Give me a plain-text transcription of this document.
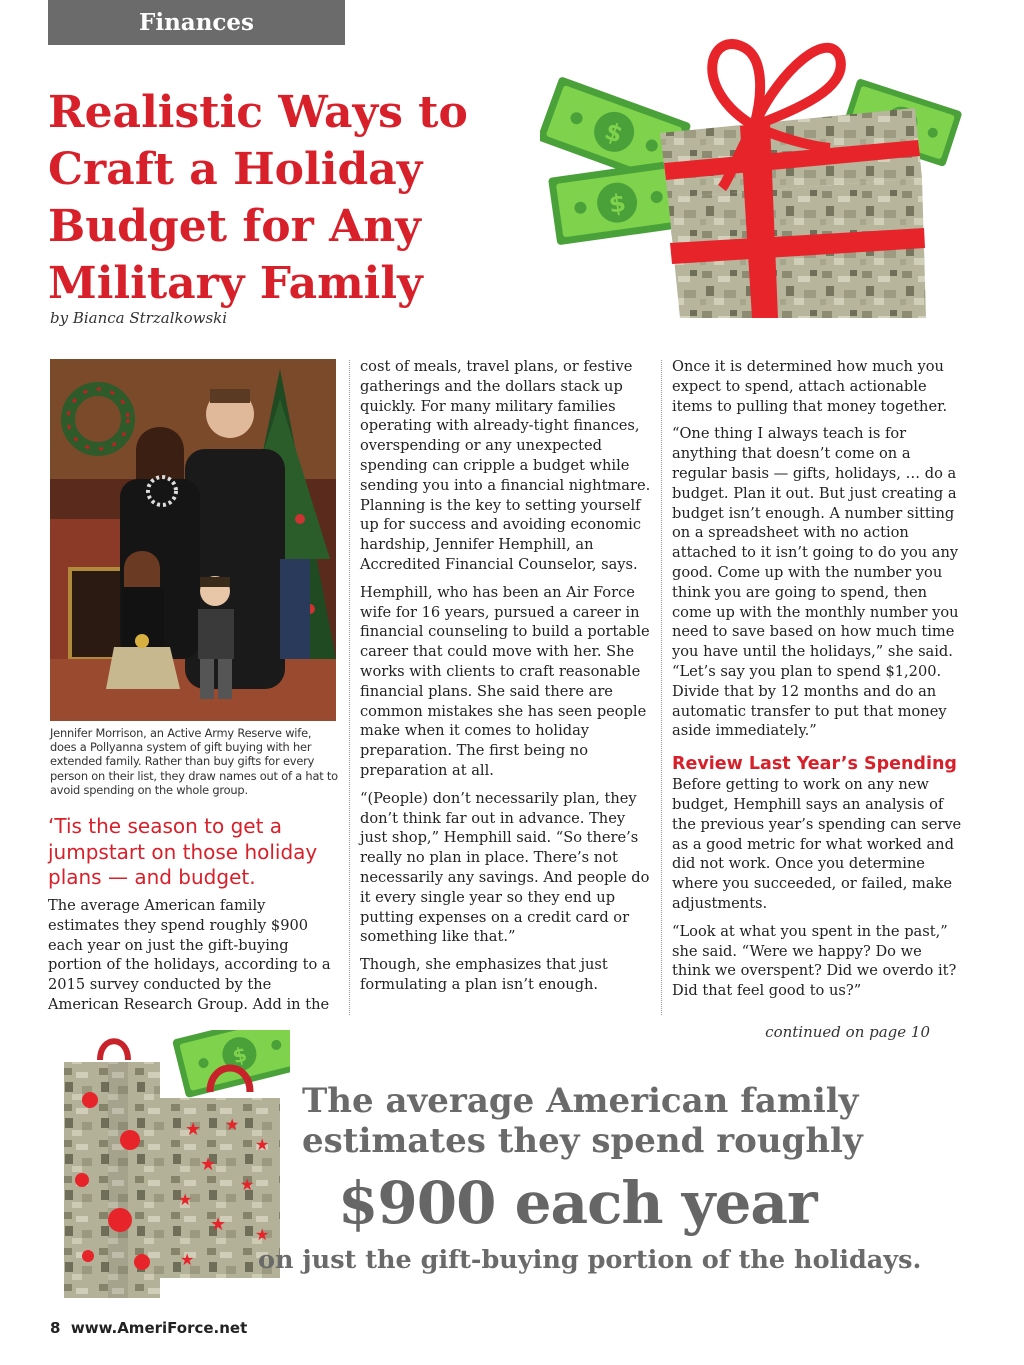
Finances
Realistic Ways to
Craft a Holiday
Budget for Any
Military Family
by Bianca Strzalkowski
$
$
Jennifer Morrison, an Active Army Reserve wife, does a Pollyanna system of gift buying with her extended family. Rather than buy gifts for every person on their list, they draw names out of a hat to avoid spending on the whole group.
‘Tis the season to get a jumpstart on those holiday plans — and budget.

The average American family estimates they spend roughly $900 each year on just the gift-buying portion of the holidays, according to a 2015 survey conducted by the American Research Group. Add in the

cost of meals, travel plans, or festive gatherings and the dollars stack up quickly. For many military families operating with already-tight finances, overspending or any unexpected spending can cripple a budget while sending you into a financial nightmare. Planning is the key to setting yourself up for success and avoiding economic hardship, Jennifer Hemphill, an Accredited Financial Counselor, says.

Hemphill, who has been an Air Force wife for 16 years, pursued a career in financial counseling to build a portable career that could move with her. She works with clients to craft reasonable financial plans. She said there are common mistakes she has seen people make when it comes to holiday preparation. The first being no preparation at all.

“(People) don’t necessarily plan, they don’t think far out in advance. They just shop,” Hemphill said. “So there’s really no plan in place. There’s not necessarily any savings. And people do it every single year so they end up putting expenses on a credit card or something like that.”

Though, she emphasizes that just formulating a plan isn’t enough.

Once it is determined how much you expect to spend, attach actionable items to pulling that money together.

“One thing I always teach is for anything that doesn’t come on a regular basis — gifts, holidays, … do a budget. Plan it out. But just creating a budget isn’t enough. A number sitting on a spreadsheet with no action attached to it isn’t going to do you any good. Come up with the number you think you are going to spend, then come up with the monthly number you need to save based on how much time you have until the holidays,” she said. “Let’s say you plan to spend $1,200. Divide that by 12 months and do an automatic transfer to put that money aside immediately.”

Review Last Year’s Spending

Before getting to work on any new budget, Hemphill says an analysis of the previous year’s spending can serve as a good metric for what worked and did not work. Once you determine where you succeeded, or failed, make adjustments.

“Look at what you spent in the past,” she said. “Were we happy? Do we think we overspent? Did we overdo it? Did that feel good to us?”

continued on page 10
$
★ ★
★
★
★
★
★ ★
★
The average American family
estimates they spend roughly
$900 each year
on just the gift-buying portion of the holidays.
8 www.AmeriForce.net
